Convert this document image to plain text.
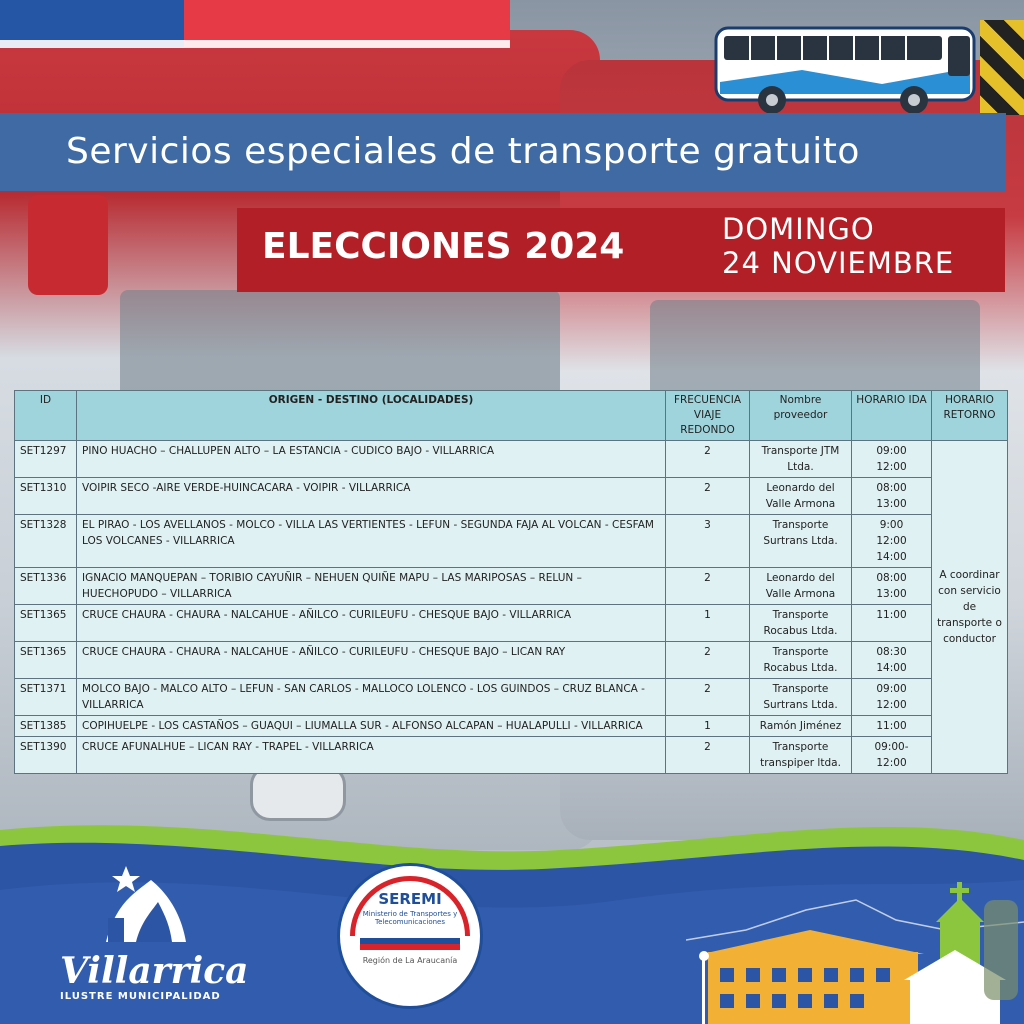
Servicios especiales de transporte gratuito
ELECCIONES 2024	DOMINGO
24 NOVIEMBRE
ID	ORIGEN - DESTINO (LOCALIDADES)	FRECUENCIA VIAJE REDONDO	Nombre proveedor	HORARIO IDA	HORARIO RETORNO
SET1297	PINO HUACHO – CHALLUPEN ALTO – LA ESTANCIA - CUDICO BAJO - VILLARRICA	2	Transporte JTM Ltda.	09:00
12:00	A coordinar con servicio de transporte o conductor
SET1310	VOIPIR SECO -AIRE VERDE-HUINCACARA - VOIPIR - VILLARRICA	2	Leonardo del Valle Armona	08:00
13:00	
SET1328	EL PIRAO - LOS AVELLANOS - MOLCO - VILLA LAS VERTIENTES - LEFUN - SEGUNDA FAJA AL VOLCAN - CESFAM LOS VOLCANES - VILLARRICA	3	Transporte Surtrans Ltda.	9:00
12:00
14:00	
SET1336	IGNACIO MANQUEPAN – TORIBIO CAYUÑIR – NEHUEN QUIÑE MAPU – LAS MARIPOSAS – RELUN – HUECHOPUDO – VILLARRICA	2	Leonardo del Valle Armona	08:00
13:00	
SET1365	CRUCE CHAURA - CHAURA - NALCAHUE - AÑILCO - CURILEUFU - CHESQUE BAJO - VILLARRICA	1	Transporte Rocabus Ltda.	11:00	
SET1365	CRUCE CHAURA - CHAURA - NALCAHUE - AÑILCO - CURILEUFU - CHESQUE BAJO – LICAN RAY	2	Transporte Rocabus Ltda.	08:30
14:00	
SET1371	MOLCO BAJO - MALCO ALTO – LEFUN - SAN CARLOS - MALLOCO LOLENCO - LOS GUINDOS – CRUZ BLANCA - VILLARRICA	2	Transporte Surtrans Ltda.	09:00
12:00	
SET1385	COPIHUELPE - LOS CASTAÑOS – GUAQUI – LIUMALLA SUR - ALFONSO ALCAPAN – HUALAPULLI - VILLARRICA	1	Ramón Jiménez	11:00	
SET1390	CRUCE AFUNALHUE – LICAN RAY - TRAPEL - VILLARRICA	2	Transporte transpiper ltda.	09:00-
12:00	
Villarrica
ILUSTRE MUNICIPALIDAD
SEREMI
Ministerio de Transportes y Telecomunicaciones
Región de La Araucanía
